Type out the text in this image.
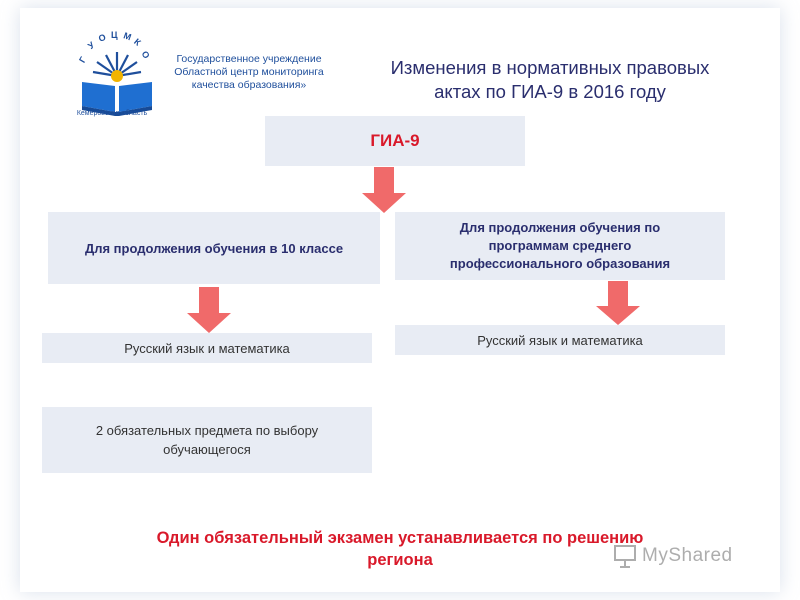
Г
У
О Ц М К
О
Кемеровская область
Государственное учреждение
Областной центр мониторинга
качества образования»
Изменения в нормативных правовых
актах по ГИА-9 в 2016 году
ГИА-9
Для продолжения обучения в 10 классе
Для продолжения обучения по
программам среднего
профессионального образования
Русский язык и математика
2 обязательных предмета по выбору
обучающегося
Русский язык и математика
Один обязательный экзамен устанавливается по решению
региона	MyShared
